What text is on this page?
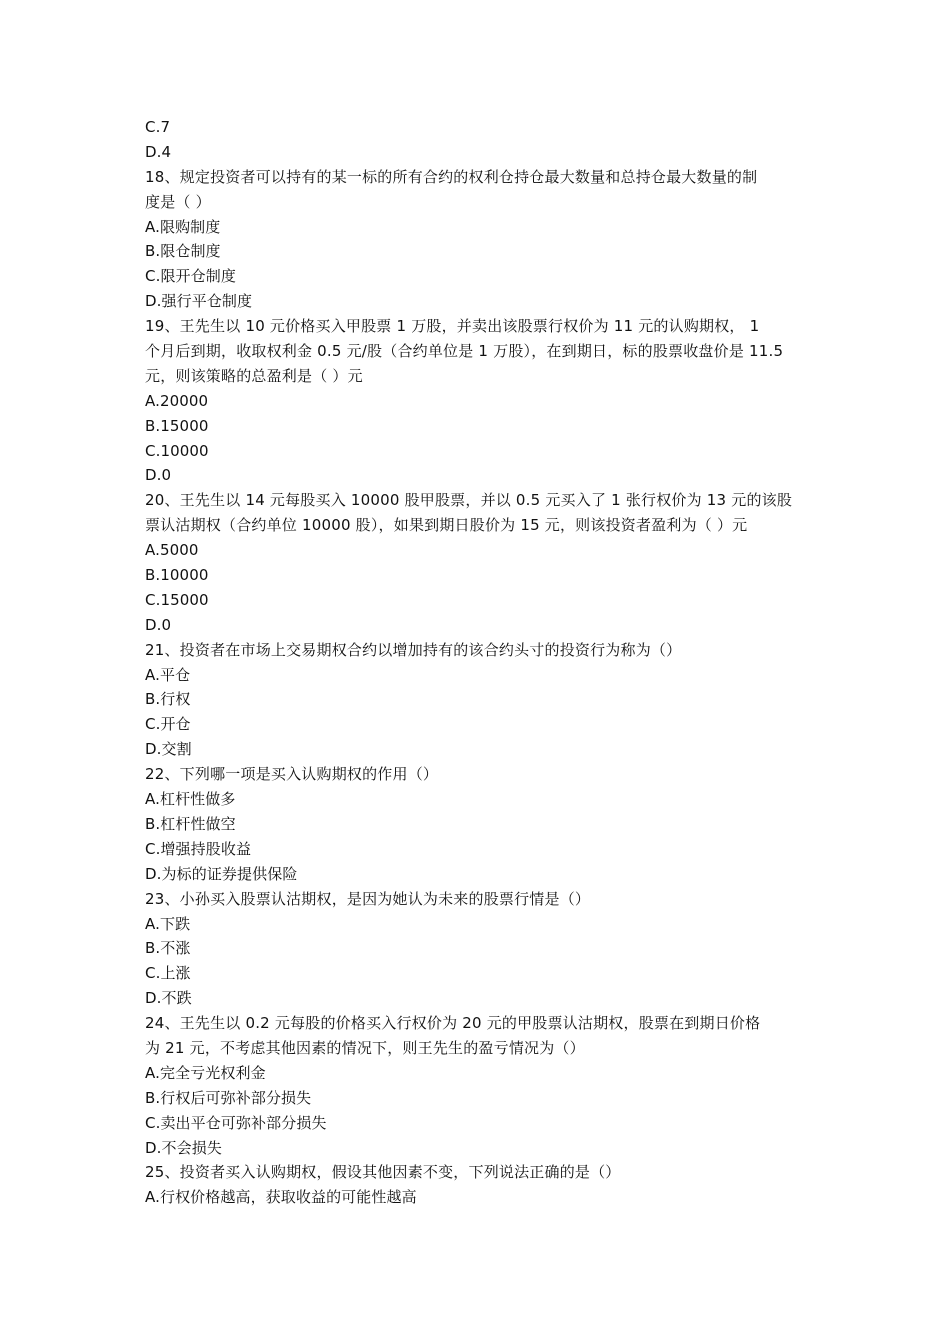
C.7
D.4
18、规定投资者可以持有的某一标的所有合约的权利仓持仓最大数量和总持仓最大数量的制
度是（ ）
A.限购制度
B.限仓制度
C.限开仓制度
D.强行平仓制度
19、王先生以 10 元价格买入甲股票 1 万股，并卖出该股票行权价为 11 元的认购期权， 1
个月后到期，收取权利金 0.5 元/股（合约单位是 1 万股），在到期日，标的股票收盘价是 11.5
元，则该策略的总盈利是（ ）元
A.20000
B.15000
C.10000
D.0
20、王先生以 14 元每股买入 10000 股甲股票，并以 0.5 元买入了 1 张行权价为 13 元的该股
票认沽期权（合约单位 10000 股），如果到期日股价为 15 元，则该投资者盈利为（ ）元
A.5000
B.10000
C.15000
D.0
21、投资者在市场上交易期权合约以增加持有的该合约头寸的投资行为称为（）
A.平仓
B.行权
C.开仓
D.交割
22、下列哪一项是买入认购期权的作用（）
A.杠杆性做多
B.杠杆性做空
C.增强持股收益
D.为标的证券提供保险
23、小孙买入股票认沽期权，是因为她认为未来的股票行情是（）
A.下跌
B.不涨
C.上涨
D.不跌
24、王先生以 0.2 元每股的价格买入行权价为 20 元的甲股票认沽期权，股票在到期日价格
为 21 元，不考虑其他因素的情况下，则王先生的盈亏情况为（）
A.完全亏光权利金
B.行权后可弥补部分损失
C.卖出平仓可弥补部分损失
D.不会损失
25、投资者买入认购期权，假设其他因素不变，下列说法正确的是（）
A.行权价格越高，获取收益的可能性越高
